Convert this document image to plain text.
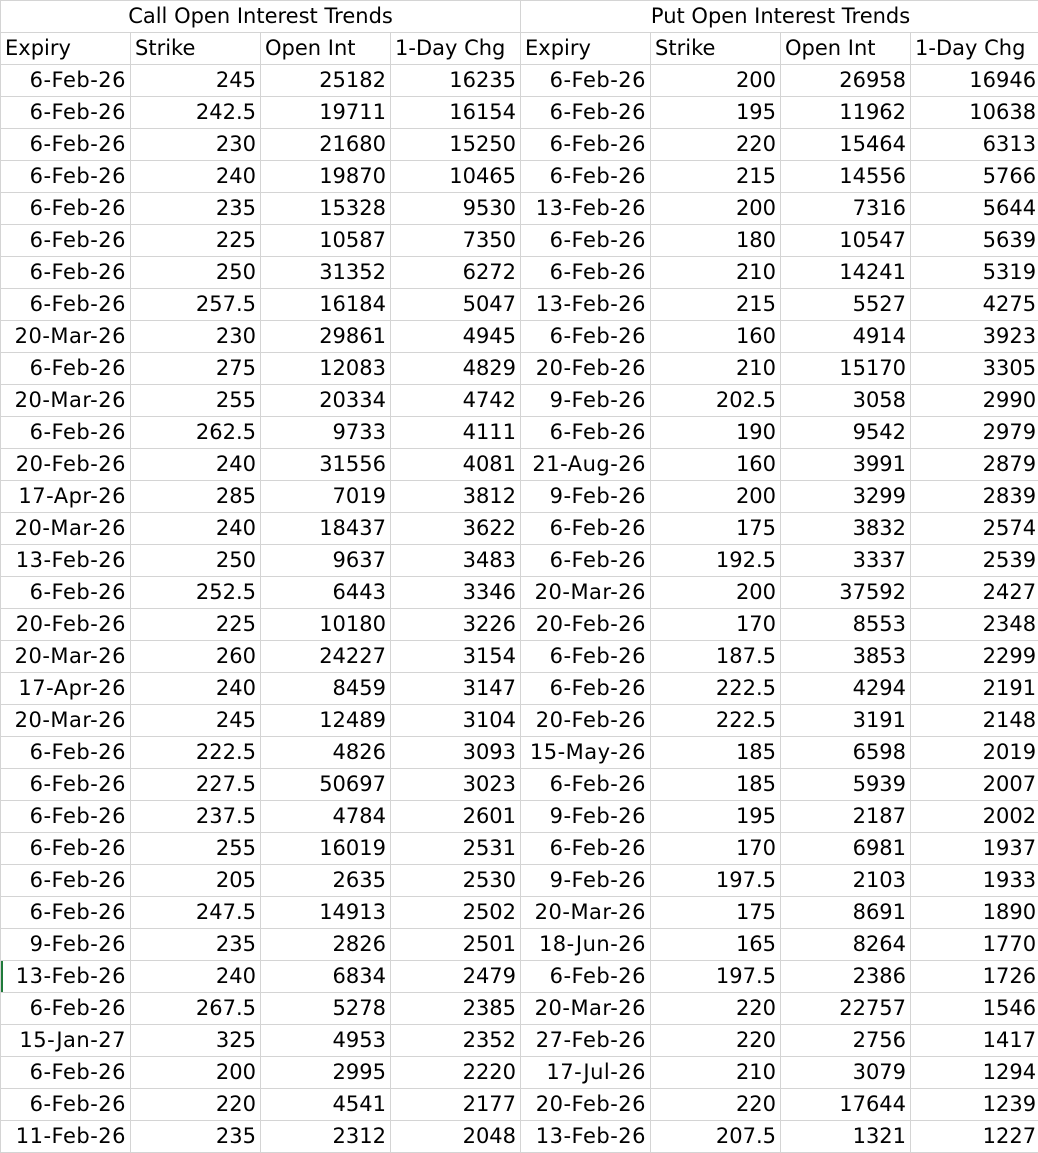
Call Open Interest Trends				Put Open Interest Trends			
Expiry	Strike	Open Int	1-Day Chg	Expiry	Strike	Open Int	1-Day Chg
6-Feb-26	245	25182	16235	6-Feb-26	200	26958	16946
6-Feb-26	242.5	19711	16154	6-Feb-26	195	11962	10638
6-Feb-26	230	21680	15250	6-Feb-26	220	15464	6313
6-Feb-26	240	19870	10465	6-Feb-26	215	14556	5766
6-Feb-26	235	15328	9530	13-Feb-26	200	7316	5644
6-Feb-26	225	10587	7350	6-Feb-26	180	10547	5639
6-Feb-26	250	31352	6272	6-Feb-26	210	14241	5319
6-Feb-26	257.5	16184	5047	13-Feb-26	215	5527	4275
20-Mar-26	230	29861	4945	6-Feb-26	160	4914	3923
6-Feb-26	275	12083	4829	20-Feb-26	210	15170	3305
20-Mar-26	255	20334	4742	9-Feb-26	202.5	3058	2990
6-Feb-26	262.5	9733	4111	6-Feb-26	190	9542	2979
20-Feb-26	240	31556	4081	21-Aug-26	160	3991	2879
17-Apr-26	285	7019	3812	9-Feb-26	200	3299	2839
20-Mar-26	240	18437	3622	6-Feb-26	175	3832	2574
13-Feb-26	250	9637	3483	6-Feb-26	192.5	3337	2539
6-Feb-26	252.5	6443	3346	20-Mar-26	200	37592	2427
20-Feb-26	225	10180	3226	20-Feb-26	170	8553	2348
20-Mar-26	260	24227	3154	6-Feb-26	187.5	3853	2299
17-Apr-26	240	8459	3147	6-Feb-26	222.5	4294	2191
20-Mar-26	245	12489	3104	20-Feb-26	222.5	3191	2148
6-Feb-26	222.5	4826	3093	15-May-26	185	6598	2019
6-Feb-26	227.5	50697	3023	6-Feb-26	185	5939	2007
6-Feb-26	237.5	4784	2601	9-Feb-26	195	2187	2002
6-Feb-26	255	16019	2531	6-Feb-26	170	6981	1937
6-Feb-26	205	2635	2530	9-Feb-26	197.5	2103	1933
6-Feb-26	247.5	14913	2502	20-Mar-26	175	8691	1890
9-Feb-26	235	2826	2501	18-Jun-26	165	8264	1770
13-Feb-26	240	6834	2479	6-Feb-26	197.5	2386	1726
6-Feb-26	267.5	5278	2385	20-Mar-26	220	22757	1546
15-Jan-27	325	4953	2352	27-Feb-26	220	2756	1417
6-Feb-26	200	2995	2220	17-Jul-26	210	3079	1294
6-Feb-26	220	4541	2177	20-Feb-26	220	17644	1239
11-Feb-26	235	2312	2048	13-Feb-26	207.5	1321	1227
